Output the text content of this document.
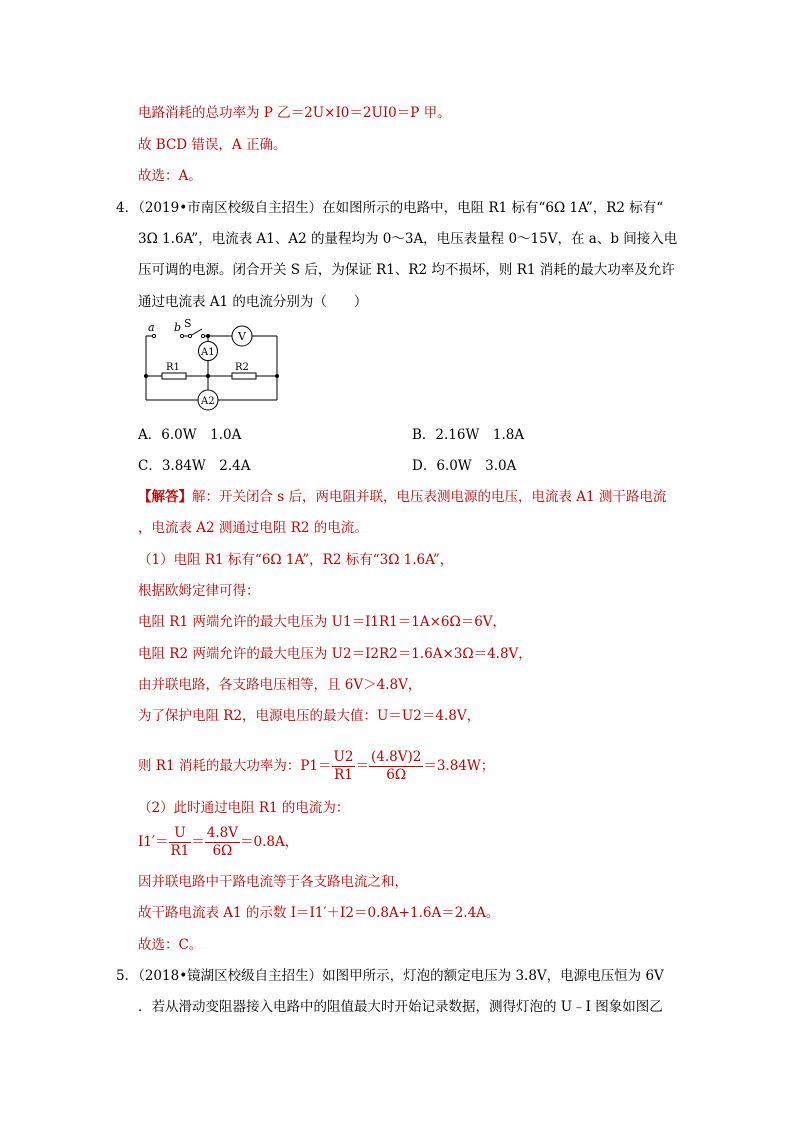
电路消耗的总功率为 P 乙＝2U×I0＝2UI0＝P 甲。
故 BCD 错误，A 正确。
故选：A。
4．（2019•市南区校级自主招生）在如图所示的电路中，电阻 R1 标有“6Ω 1A”，R2 标有“
3Ω 1.6A”，电流表 A1、A2 的量程均为 0～3A，电压表量程 0～15V，在 a、b 间接入电
压可调的电源。闭合开关 S 后，为保证 R1、R2 均不损坏，则 R1 消耗的最大功率及允许
通过电流表 A1 的电流分别为（　　）
a b S
V
A1
R1	R2
A2
A．6.0W　1.0A	B．2.16W　1.8A
C．3.84W　2.4A	D．6.0W　3.0A
【解答】解：开关闭合 s 后，两电阻并联，电压表测电源的电压，电流表 A1 测干路电流
，电流表 A2 测通过电阻 R2 的电流。
（1）电阻 R1 标有“6Ω 1A”，R2 标有“3Ω 1.6A”，
根据欧姆定律可得：
电阻 R1 两端允许的最大电压为 U1＝I1R1＝1A×6Ω＝6V，
电阻 R2 两端允许的最大电压为 U2＝I2R2＝1.6A×3Ω＝4.8V，
由并联电路，各支路电压相等，且 6V＞4.8V，
为了保护电阻 R2，电源电压的最大值：U＝U2＝4.8V，
则 R1 消耗的最大功率为：$P1= \frac{U2}{R1} = \frac{(4.8V)2}{6\Omega} =3.84W$；
（2）此时通过电阻 R1 的电流为：
$I1'= \frac{U}{R1} = \frac{4.8V}{6\Omega} =0.8A$，
因并联电路中干路电流等于各支路电流之和，
故干路电流表 A1 的示数 I＝I1′＋I2＝0.8A+1.6A＝2.4A。
故选：C。
5．（2018•镜湖区校级自主招生）如图甲所示，灯泡的额定电压为 3.8V，电源电压恒为 6V
．若从滑动变阻器接入电路中的阻值最大时开始记录数据，测得灯泡的 U﹣I 图象如图乙
